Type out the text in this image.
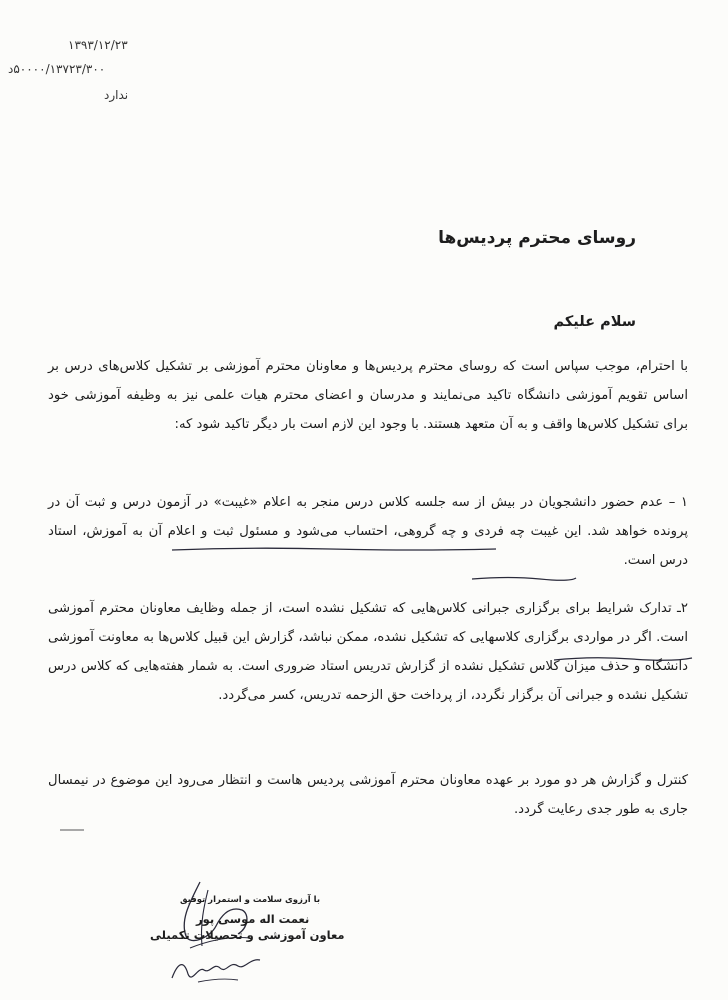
۱۳۹۳/۱۲/۲۳
۵۰۰۰۰/۱۳۷۲۳/۳۰۰د
ندارد
روسای محترم پردیس‌ها
سلام علیکم
با احترام، موجب سپاس است که روسای محترم پردیس‌ها و معاونان محترم آموزشی بر تشکیل کلاس‌های درس بر اساس تقویم آموزشی دانشگاه تاکید می‌نمایند و مدرسان و اعضای محترم هیات علمی نیز به وظیفه آموزشی خود برای تشکیل کلاس‌ها واقف و به آن متعهد هستند. با وجود این لازم است بار دیگر تاکید شود که:
۱ – عدم حضور دانشجویان در بیش از سه جلسه کلاس درس منجر به اعلام «غیبت» در آزمون درس و ثبت آن در پرونده خواهد شد. این غیبت چه فردی و چه گروهی، احتساب می‌شود و مسئول ثبت و اعلام آن به آموزش، استاد درس است.
۲ـ تدارک شرایط برای برگزاری جبرانی کلاس‌هایی که تشکیل نشده است، از جمله وظایف معاونان محترم آموزشی است. اگر در مواردی برگزاری کلاسهایی که تشکیل نشده، ممکن نباشد، گزارش این قبیل کلاس‌ها به معاونت آموزشی دانشگاه و حذف میزان کلاس تشکیل نشده از گزارش تدریس استاد ضروری است. به شمار هفته‌هایی که کلاس درس تشکیل نشده و جبرانی آن برگزار نگردد، از پرداخت حق الزحمه تدریس، کسر می‌گردد.
کنترل و گزارش هر دو مورد بر عهده معاونان محترم آموزشی پردیس هاست و انتظار می‌رود این موضوع در نیمسال جاری به طور جدی رعایت گردد.
با آرزوی سلامت و استمرار توفیق
نعمت اله موسی پور
معاون آموزشی و تحصیلات تکمیلی
